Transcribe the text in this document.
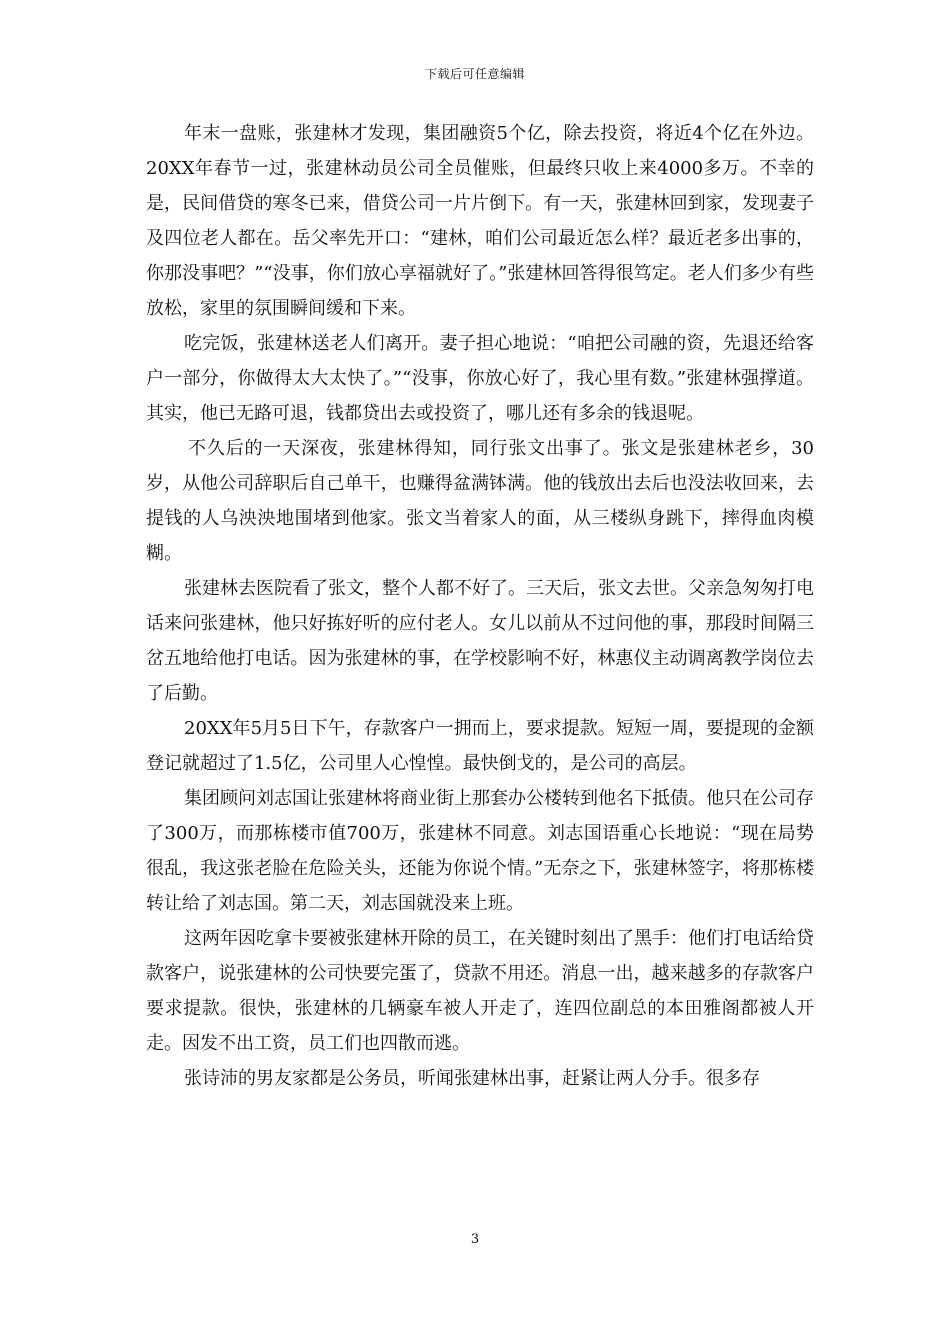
下载后可任意编辑

年末一盘账，张建林才发现，集团融资5个亿，除去投资，将近4个亿在外边。20XX年春节一过，张建林动员公司全员催账，但最终只收上来4000多万。不幸的是，民间借贷的寒冬已来，借贷公司一片片倒下。有一天，张建林回到家，发现妻子及四位老人都在。岳父率先开口：“建林，咱们公司最近怎么样？最近老多出事的，你那没事吧？”“没事，你们放心享福就好了。”张建林回答得很笃定。老人们多少有些放松，家里的氛围瞬间缓和下来。

吃完饭，张建林送老人们离开。妻子担心地说：“咱把公司融的资，先退还给客户一部分，你做得太大太快了。”“没事，你放心好了，我心里有数。”张建林强撑道。其实，他已无路可退，钱都贷出去或投资了，哪儿还有多余的钱退呢。

不久后的一天深夜，张建林得知，同行张文出事了。张文是张建林老乡，30岁，从他公司辞职后自己单干，也赚得盆满钵满。他的钱放出去后也没法收回来，去提钱的人乌泱泱地围堵到他家。张文当着家人的面，从三楼纵身跳下，摔得血肉模糊。

张建林去医院看了张文，整个人都不好了。三天后，张文去世。父亲急匆匆打电话来问张建林，他只好拣好听的应付老人。女儿以前从不过问他的事，那段时间隔三岔五地给他打电话。因为张建林的事，在学校影响不好，林惠仪主动调离教学岗位去了后勤。

20XX年5月5日下午，存款客户一拥而上，要求提款。短短一周，要提现的金额登记就超过了1.5亿，公司里人心惶惶。最快倒戈的，是公司的高层。

集团顾问刘志国让张建林将商业街上那套办公楼转到他名下抵债。他只在公司存了300万，而那栋楼市值700万，张建林不同意。刘志国语重心长地说：“现在局势很乱，我这张老脸在危险关头，还能为你说个情。”无奈之下，张建林签字，将那栋楼转让给了刘志国。第二天，刘志国就没来上班。

这两年因吃拿卡要被张建林开除的员工，在关键时刻出了黑手：他们打电话给贷款客户，说张建林的公司快要完蛋了，贷款不用还。消息一出，越来越多的存款客户要求提款。很快，张建林的几辆豪车被人开走了，连四位副总的本田雅阁都被人开走。因发不出工资，员工们也四散而逃。

张诗沛的男友家都是公务员，听闻张建林出事，赶紧让两人分手。很多存

3
